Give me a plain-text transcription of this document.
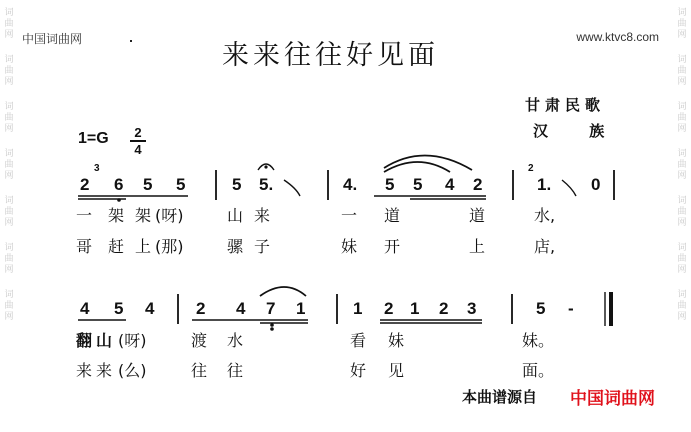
词
曲
网
词
曲
网
词
曲
网
词
曲
网
词
曲
网
词
曲
网
词
曲
网
词
曲
网
词
曲
网
词
曲
网
词
曲
网
词
曲
网
词
曲
网
词
曲
网
中国词曲网	www.ktvc8.com
来来往往好见面
甘肃民歌
汉 族
1=G	2
4
2 6 5 5	5 5.	4. 5 5 4 2	1. 0
3	2
一 架 架 (呀)	山 来	一 道	道	水,
哥 赶 上 (那)	骡 子	妹 开	上	店,
4 5 4 2 4 7 1	1 2 1 2 3	5 -
翻 山 (呀)	渡 水	看 妹	妹。
来 来 (么)	往 往	好 见	面。
本曲谱源自 中国词曲网
